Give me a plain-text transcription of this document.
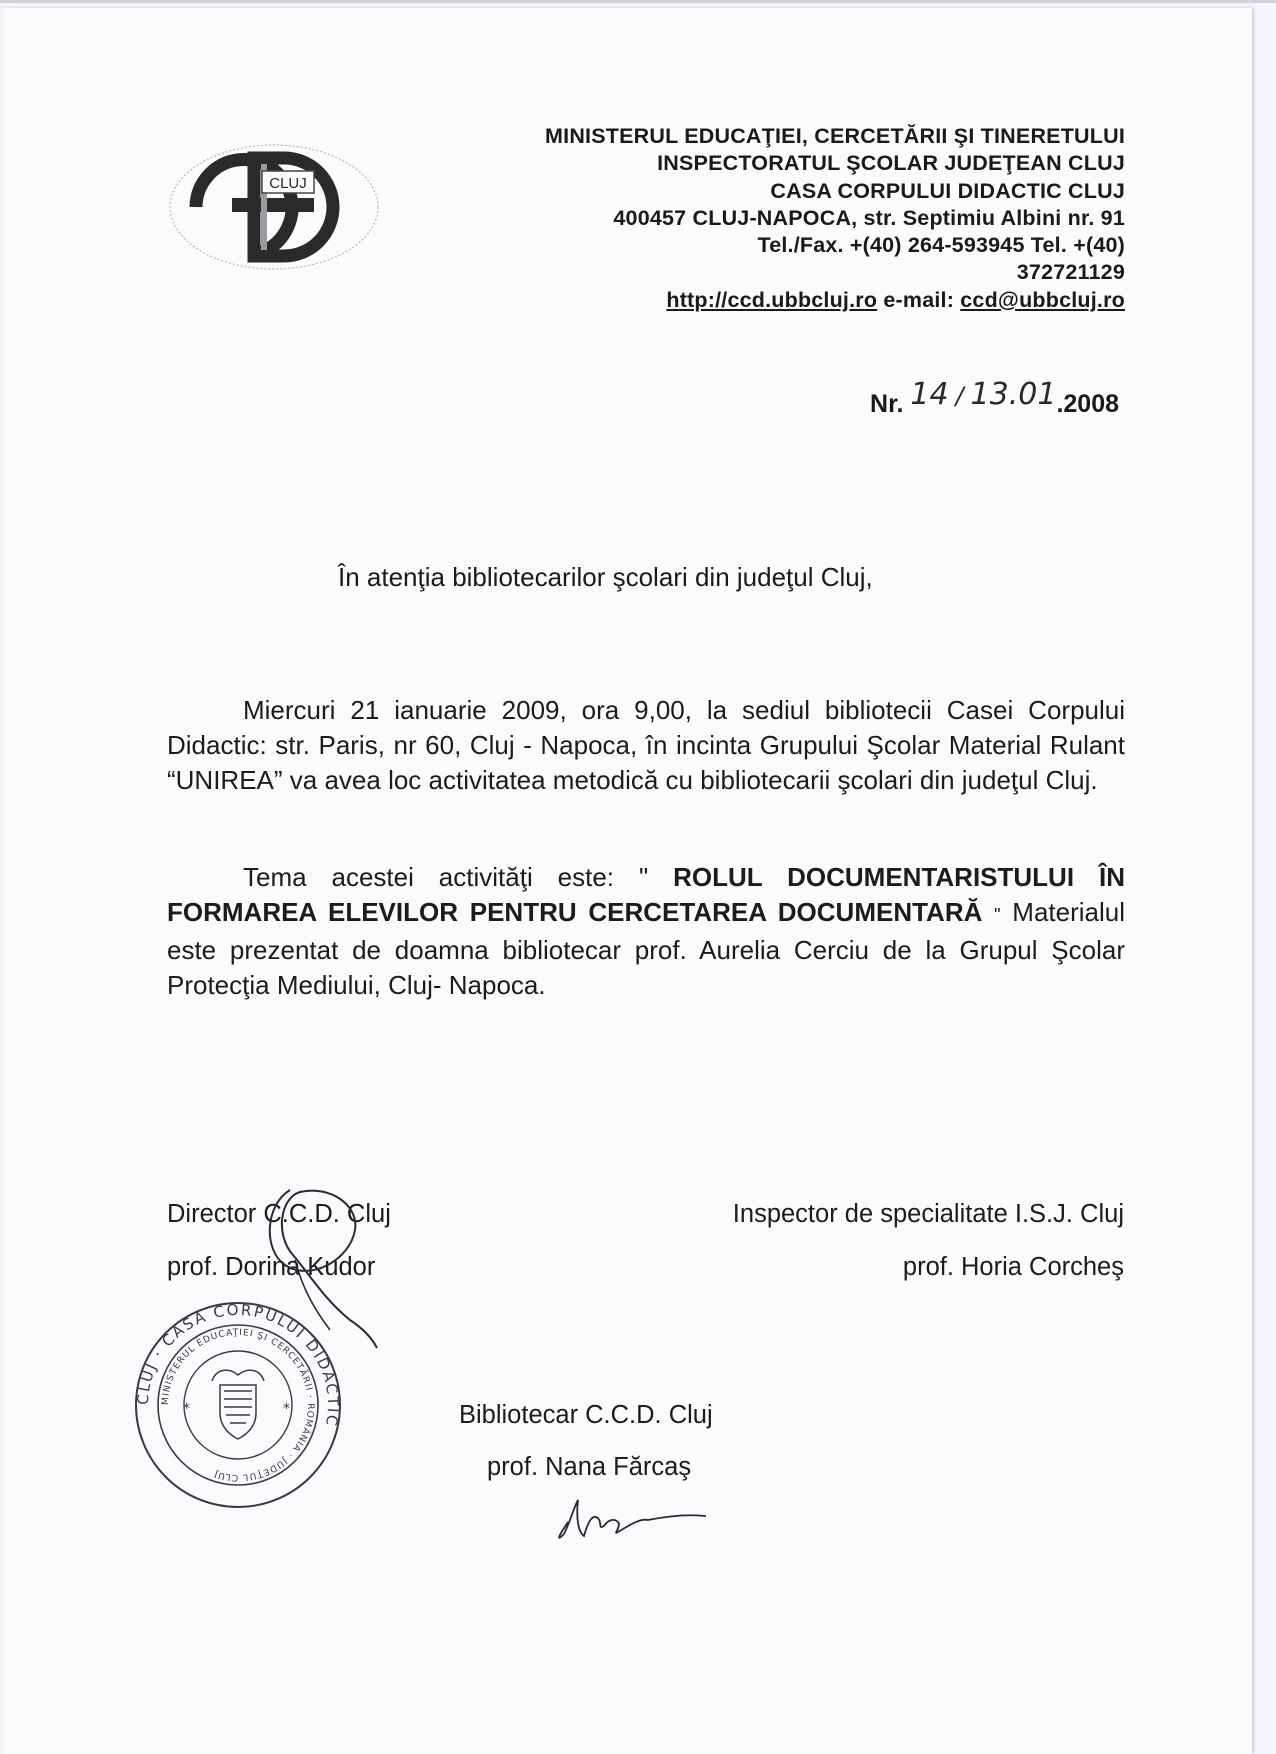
CLUJ
MINISTERUL EDUCAŢIEI, CERCETĂRII ŞI TINERETULUI
INSPECTORATUL ŞCOLAR JUDEŢEAN CLUJ
CASA CORPULUI DIDACTIC CLUJ
400457 CLUJ-NAPOCA, str. Septimiu Albini nr. 91
Tel./Fax. +(40) 264-593945 Tel. +(40)
372721129
http://ccd.ubbcluj.ro e-mail: ccd@ubbcluj.ro
Nr. 14 / 13.01.2008
În atenţia bibliotecarilor şcolari din judeţul Cluj,
Miercuri 21 ianuarie 2009, ora 9,00, la sediul bibliotecii Casei Corpului Didactic: str. Paris, nr 60, Cluj - Napoca, în incinta Grupului Şcolar Material Rulant “UNIREA” va avea loc activitatea metodică cu bibliotecarii şcolari din judeţul Cluj.
Tema acestei activităţi este: " ROLUL DOCUMENTARISTULUI ÎN FORMAREA ELEVILOR PENTRU CERCETAREA DOCUMENTARĂ " Materialul este prezentat de doamna bibliotecar prof. Aurelia Cerciu de la Grupul Şcolar Protecţia Mediului, Cluj- Napoca.
Director C.C.D. Cluj
prof. Dorina Kudor
Inspector de specialitate I.S.J. Cluj
prof. Horia Corcheş
Bibliotecar C.C.D. Cluj
prof. Nana Fărcaş
CLUJ · CASA CORPULUI DIDACTIC
MINISTERUL EDUCAŢIEI ŞI CERCETĂRII · ROMÂNIA · JUDEŢUL CLUJ
*	*
